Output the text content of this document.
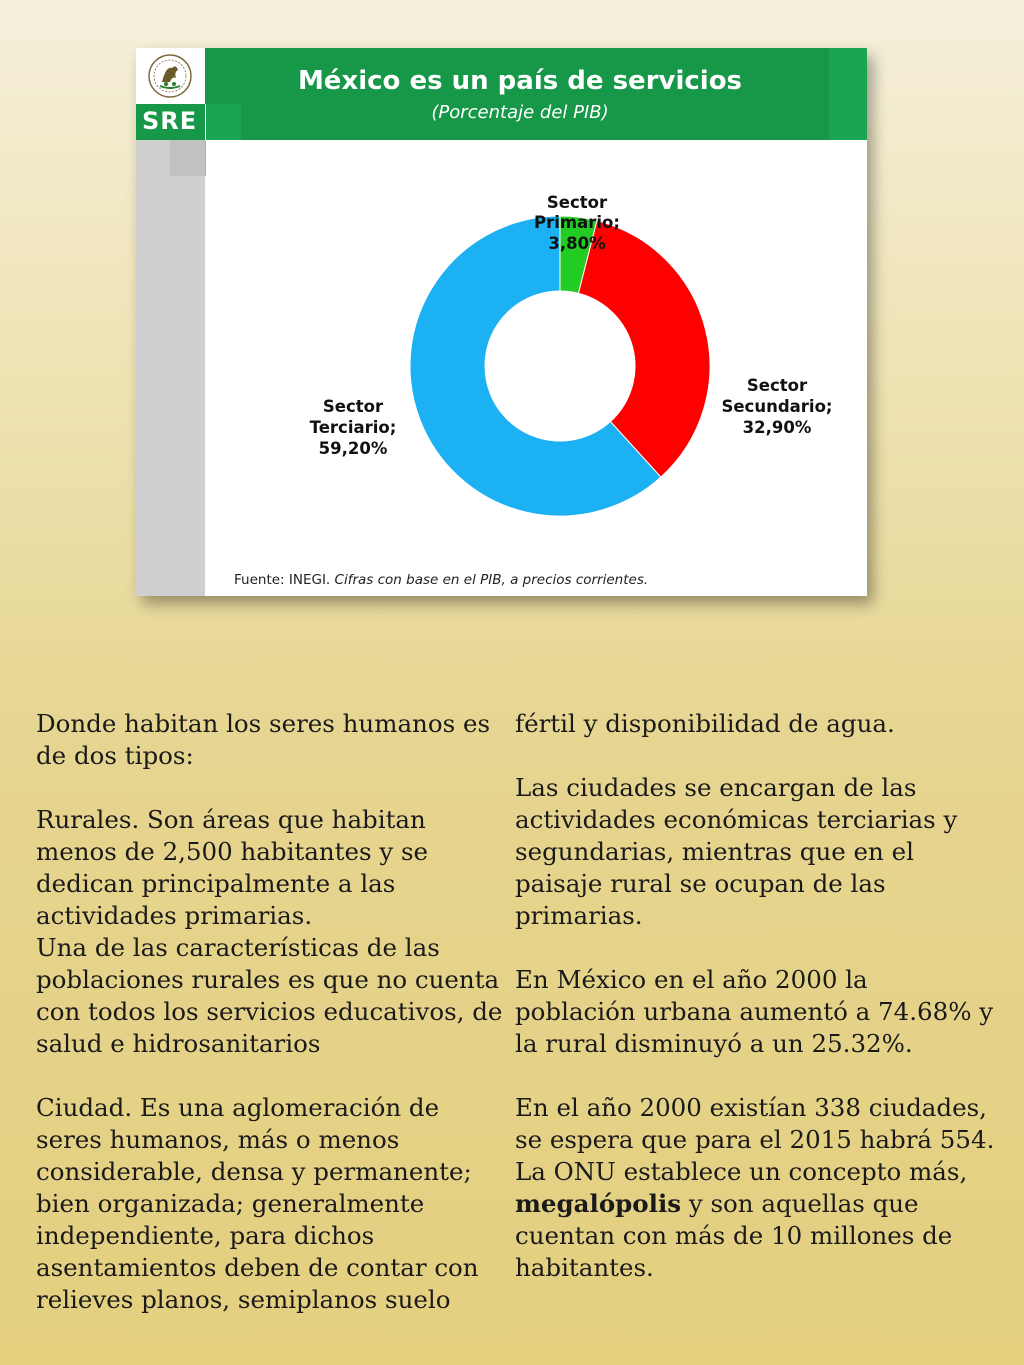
SRE
México es un país de servicios
(Porcentaje del PIB)
Sector
Primario;
3,80%
Sector
Secundario;
32,90%
Sector
Terciario;
59,20%
Fuente: INEGI. Cifras con base en el PIB, a precios corrientes.

Donde habitan los seres humanos es de dos tipos:

Rurales. Son áreas que habitan menos de 2,500 habitantes y se dedican principalmente a las actividades primarias.

Una de las características de las poblaciones rurales es que no cuenta con todos los servicios educativos, de salud e hidrosanitarios

Ciudad. Es una aglomeración de seres humanos, más o menos considerable, densa y permanente; bien organizada; generalmente independiente, para dichos asentamientos deben de contar con relieves planos, semiplanos suelo

fértil y disponibilidad de agua.

Las ciudades se encargan de las actividades económicas terciarias y segundarias, mientras que en el paisaje rural se ocupan de las primarias.

En México en el año 2000 la población urbana aumentó a 74.68% y la rural disminuyó a un 25.32%.

En el año 2000 existían 338 ciudades, se espera que para el 2015 habrá 554. La ONU establece un concepto más, megalópolis y son aquellas que cuentan con más de 10 millones de habitantes.
